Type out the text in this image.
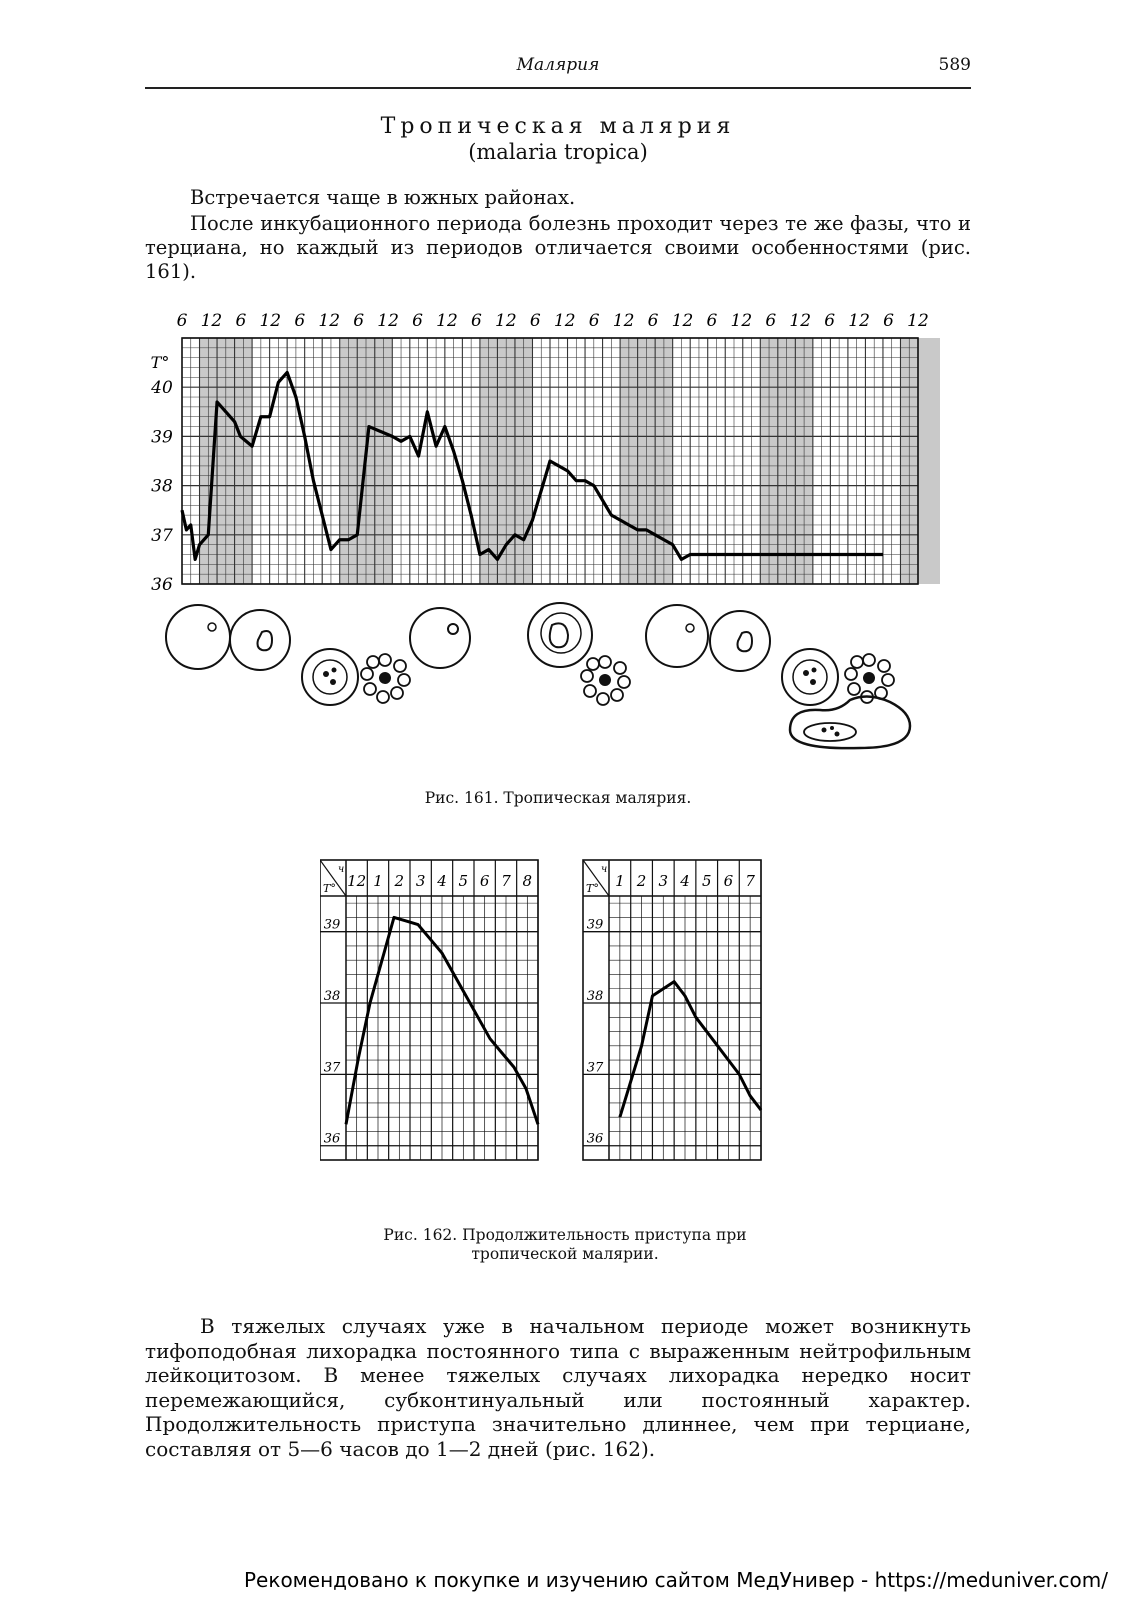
Малярия	589
Тропическая малярия
(malaria tropica)
Встречается чаще в южных районах.
После инкубационного периода болезнь проходит через те же фазы, что и терциана, но каждый из периодов отличается своими особенностями (рис. 161).
6 12 6 12 6 12 6 12 6 12 6 12 6 12 6 12 6 12 6 12 6 12 6 12 6 12
T°
36
37
38
39
40
Рис. 161. Тропическая малярия.
ч
T° 12 1 2 3 4 5 6 7 8
36
37
38
39
ч
T° 1 2 3 4 5 6 7
36
37
38
39
Рис. 162. Продолжительность приступа при тропической малярии.
В тяжелых случаях уже в начальном периоде может возникнуть тифоподобная лихорадка постоянного типа с выраженным нейтрофильным лейкоцитозом. В менее тяжелых случаях лихорадка нередко носит перемежающийся, субконтинуальный или постоянный характер. Продолжительность приступа значительно длиннее, чем при терциане, составляя от 5—6 часов до 1—2 дней (рис. 162).
Рекомендовано к покупке и изучению сайтом МедУнивер - https://meduniver.com/
